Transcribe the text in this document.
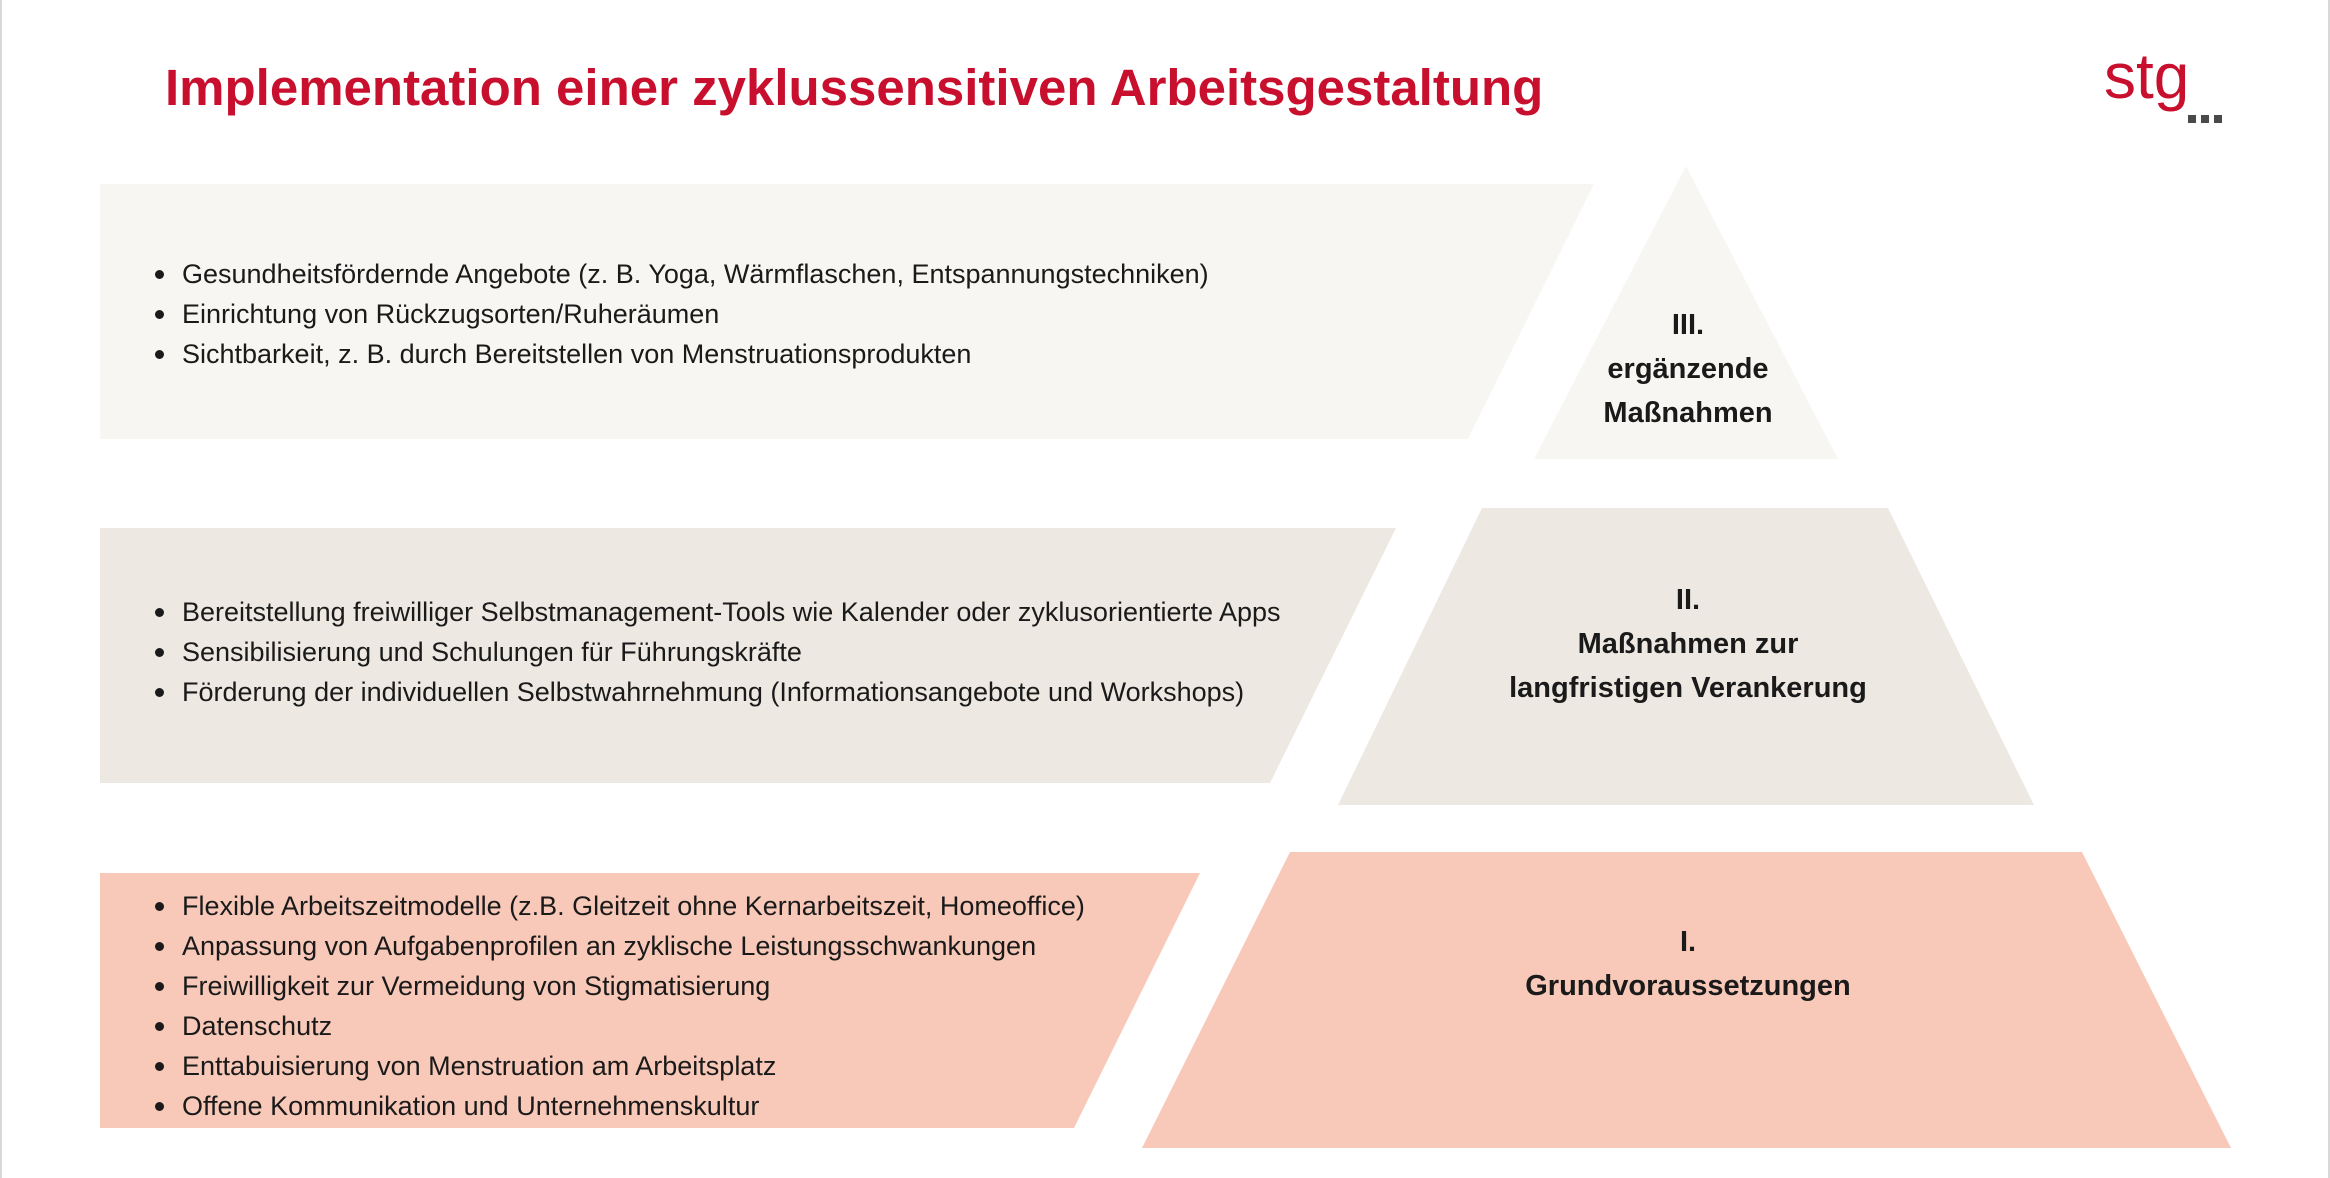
Implementation einer zyklussensitiven Arbeitsgestaltung	stg
Gesundheitsfördernde Angebote (z. B. Yoga, Wärmflaschen, Entspannungstechniken)
Einrichtung von Rückzugsorten/Ruheräumen
Sichtbarkeit, z. B. durch Bereitstellen von Menstruationsprodukten
III.
ergänzende
Maßnahmen
Bereitstellung freiwilliger Selbstmanagement-Tools wie Kalender oder zyklusorientierte Apps
Sensibilisierung und Schulungen für Führungskräfte
Förderung der individuellen Selbstwahrnehmung (Informationsangebote und Workshops)
II.
Maßnahmen zur
langfristigen Verankerung
Flexible Arbeitszeitmodelle (z.B. Gleitzeit ohne Kernarbeitszeit, Homeoffice)
Anpassung von Aufgabenprofilen an zyklische Leistungsschwankungen
Freiwilligkeit zur Vermeidung von Stigmatisierung
Datenschutz
Enttabuisierung von Menstruation am Arbeitsplatz
Offene Kommunikation und Unternehmenskultur
I.
Grundvoraussetzungen
